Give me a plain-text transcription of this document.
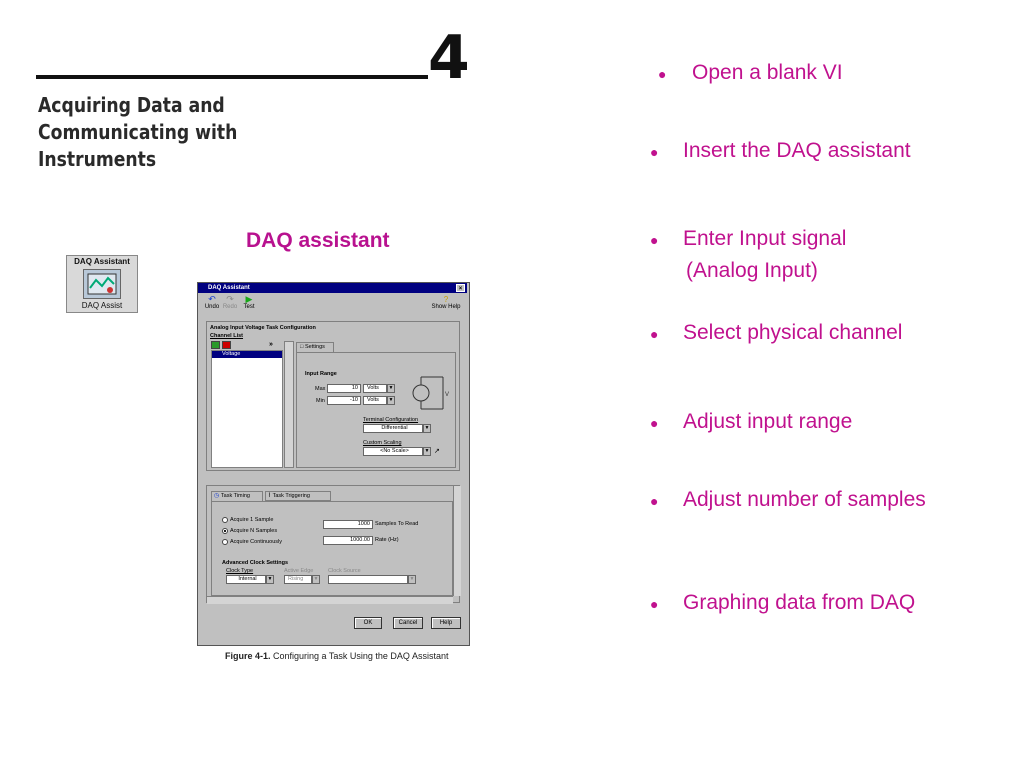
4
Acquiring Data and
Communicating with
Instruments
DAQ assistant
● Open a blank VI
● Insert the DAQ assistant
● Enter Input signal
(Analog Input)
● Select physical channel
● Adjust input range
● Adjust number of samples
● Graphing data from DAQ
DAQ Assistant
DAQ Assist
DAQ Assistant	×
↶
Undo
↷
Redo
▶
Test
?
Show Help
Analog Input Voltage Task Configuration
Channel List
»
Voltage
□ Settings
Input Range
Max	10	Volts	▼
Min	-10	Volts	▼
V
Terminal Configuration
Differential	▼
Custom Scaling
<No Scale>	▼ ↗
◷ Task Timing	⌇ Task Triggering
Acquire 1 Sample
Acquire N Samples
Acquire Continuously
1000 Samples To Read
1000.00 Rate (Hz)
Advanced Clock Settings
Clock Type
Internal	▼
Active Edge
Rising	▼
Clock Source
▼
OK	Cancel	Help
Figure 4-1. Configuring a Task Using the DAQ Assistant
